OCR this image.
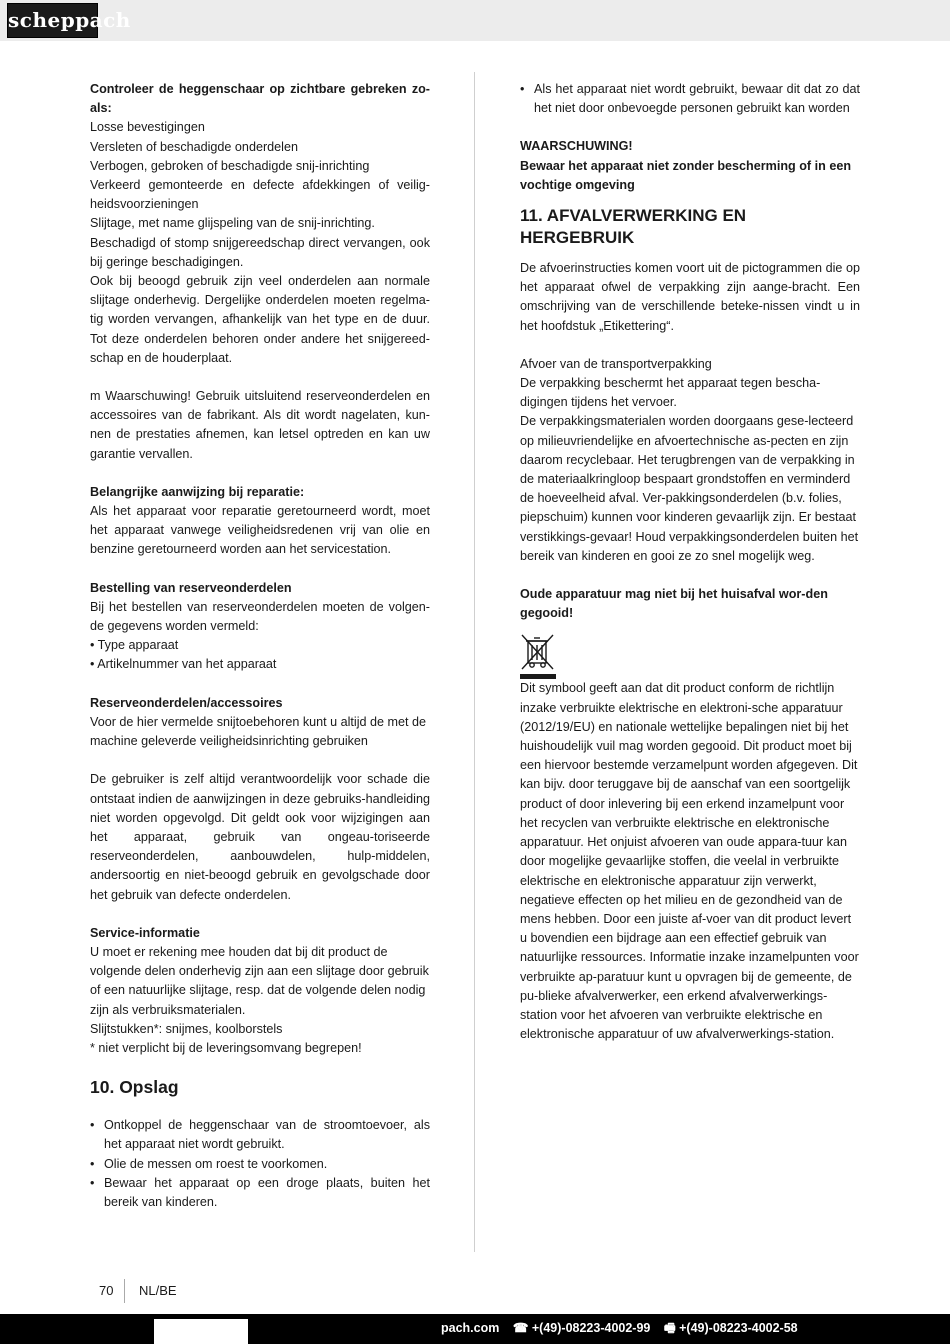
scheppach

Controleer de heggenschaar op zichtbare gebreken zo-als:

Losse bevestigingen

Versleten of beschadigde onderdelen

Verbogen, gebroken of beschadigde snij-inrichting

Verkeerd gemonteerde en defecte afdekkingen of veilig-heidsvoorzieningen

Slijtage, met name glijspeling van de snij-inrichting.

Beschadigd of stomp snijgereedschap direct vervangen, ook bij geringe beschadigingen.

Ook bij beoogd gebruik zijn veel onderdelen aan normale slijtage onderhevig. Dergelijke onderdelen moeten regelma-tig worden vervangen, afhankelijk van het type en de duur. Tot deze onderdelen behoren onder andere het snijgereed-schap en de houderplaat.

m Waarschuwing! Gebruik uitsluitend reserveonderdelen en accessoires van de fabrikant. Als dit wordt nagelaten, kun-nen de prestaties afnemen, kan letsel optreden en kan uw garantie vervallen.

Belangrijke aanwijzing bij reparatie:

Als het apparaat voor reparatie geretourneerd wordt, moet het apparaat vanwege veiligheidsredenen vrij van olie en benzine geretourneerd worden aan het servicestation.

Bestelling van reserveonderdelen

Bij het bestellen van reserveonderdelen moeten de volgen-de gegevens worden vermeld:

• Type apparaat

• Artikelnummer van het apparaat

Reserveonderdelen/accessoires

Voor de hier vermelde snijtoebehoren kunt u altijd de met de machine geleverde veiligheidsinrichting gebruiken

De gebruiker is zelf altijd verantwoordelijk voor schade die ontstaat indien de aanwijzingen in deze gebruiks-handleiding niet worden opgevolgd. Dit geldt ook voor wijzigingen aan het apparaat, gebruik van ongeau-toriseerde reserveonderdelen, aanbouwdelen, hulp-middelen, andersoortig en niet-beoogd gebruik en gevolgschade door het gebruik van defecte onderdelen.

Service-informatie

U moet er rekening mee houden dat bij dit product de volgende delen onderhevig zijn aan een slijtage door gebruik of een natuurlijke slijtage, resp. dat de volgende delen nodig zijn als verbruiksmaterialen.

Slijtstukken*: snijmes, koolborstels

* niet verplicht bij de leveringsomvang begrepen!

10. Opslag
• Ontkoppel de heggenschaar van de stroomtoevoer, als het apparaat niet wordt gebruikt.
• Olie de messen om roest te voorkomen.
• Bewaar het apparaat op een droge plaats, buiten het bereik van kinderen.
• Als het apparaat niet wordt gebruikt, bewaar dit dat zo dat het niet door onbevoegde personen gebruikt kan worden

WAARSCHUWING!

Bewaar het apparaat niet zonder bescherming of in een vochtige omgeving

11. AFVALVERWERKING EN HERGEBRUIK

De afvoerinstructies komen voort uit de pictogrammen die op het apparaat ofwel de verpakking zijn aange-bracht. Een omschrijving van de verschillende beteke-nissen vindt u in het hoofdstuk „Etikettering“.

Afvoer van de transportverpakking

De verpakking beschermt het apparaat tegen bescha-digingen tijdens het vervoer.

De verpakkingsmaterialen worden doorgaans gese-lecteerd op milieuvriendelijke en afvoertechnische as-pecten en zijn daarom recyclebaar. Het terugbrengen van de verpakking in de materiaalkringloop bespaart grondstoffen en verminderd de hoeveelheid afval. Ver-pakkingsonderdelen (b.v. folies, piepschuim) kunnen voor kinderen gevaarlijk zijn. Er bestaat verstikkings-gevaar! Houd verpakkingsonderdelen buiten het bereik van kinderen en gooi ze zo snel mogelijk weg.

Oude apparatuur mag niet bij het huisafval wor-den gegooid!

Dit symbool geeft aan dat dit product conform de richtlijn inzake verbruikte elektrische en elektroni-sche apparatuur (2012/19/EU) en nationale wettelijke bepalingen niet bij het huishoudelijk vuil mag worden gegooid. Dit product moet bij een hiervoor bestemde verzamelpunt worden afgegeven. Dit kan bijv. door teruggave bij de aanschaf van een soortgelijk product of door inlevering bij een erkend inzamelpunt voor het recyclen van verbruikte elektrische en elektronische apparatuur. Het onjuist afvoeren van oude appara-tuur kan door mogelijke gevaarlijke stoffen, die veelal in verbruikte elektrische en elektronische apparatuur zijn verwerkt, negatieve effecten op het milieu en de gezondheid van de mens hebben. Door een juiste af-voer van dit product levert u bovendien een bijdrage aan een effectief gebruik van natuurlijke ressources. Informatie inzake inzamelpunten voor verbruikte ap-paratuur kunt u opvragen bij de gemeente, de pu-blieke afvalverwerker, een erkend afvalverwerkings-station voor het afvoeren van verbruikte elektrische en elektronische apparatuur of uw afvalverwerkings-station.

70 NL/BE
pach.com ☎ +(49)-08223-4002-99 🖷 +(49)-08223-4002-58
